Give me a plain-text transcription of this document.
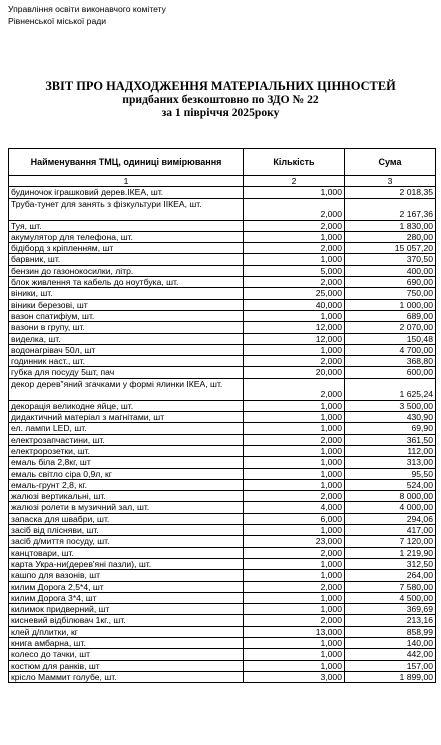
Управління освіти виконавчого комітету
Рівненської міської ради
ЗВІТ ПРО НАДХОДЖЕННЯ МАТЕРІАЛЬНИХ ЦІННОСТЕЙ
придбаних безкоштовно по ЗДО № 22
за 1 півріччя 2025року
Найменування ТМЦ, одиниці вимірювання	Кількість	Сума
1	2	3
будиночок іграшковий дерев.ІКЕА, шт.	1,000	2 018,35
Труба-тунет для занять з фізкультури ІІКЕА, шт.	2,000	2 167,36
Туя, шт.	2,000	1 830,00
акумулятор для телефона, шт.	1,000	280,00
бідіборд з кріпленням, шт	2,000	15 057,20
барвник, шт.	1,000	370,50
бензин до газонокосилки, літр.	5,000	400,00
блок живлення та кабель до ноутбука, шт.	2,000	690,00
віники, шт.	25,000	750,00
віники березові, шт	40,000	1 000,00
вазон спатифіум, шт.	1,000	689,00
вазони в групу, шт.	12,000	2 070,00
виделка, шт.	12,000	150,48
водонагрівач 50л, шт	1,000	4 700,00
годинник наст., шт.	2,000	368,80
губка для посуду 5шт, пач	20,000	600,00
декор дерев"яний згачками у формі ялинки ІКЕА, шт.	2,000	1 625,24
декорація великодне яйце, шт.	1,000	3 500,00
дидактичний матеріал з магнітами, шт	1,000	430,90
ел. лампи LED, шт.	1,000	69,90
електрозапчастини, шт.	2,000	361,50
електророзетки, шт.	1,000	112,00
емаль біла 2,8кг, шт	1,000	313,00
емаль світло сіра 0,9л, кг	1,000	95,50
емаль-грунт 2,8, кг.	1,000	524,00
жалюзі вертикальні, шт.	2,000	8 000,00
жалюзі ролети в музичний зал, шт.	4,000	4 000,00
запаска для швабри, шт.	6,000	294,06
засіб від плісняви, шт.	1,000	417,00
засіб д/миття посуду, шт.	23,000	7 120,00
канцтовари, шт.	2,000	1 219,90
карта Укра-ни(дерев'яні пазли), шт.	1,000	312,50
кашпо для вазонів, шт	1,000	264,00
килим Дорога 2,5*4, шт	2,000	7 580,00
килим Дорога 3*4, шт	1,000	4 500,00
килимок придверний, шт	1,000	369,69
кисневий відбілювач 1кг., шт.	2,000	213,16
клей д/плитки, кг	13,000	858,99
книга амбарна, шт.	1,000	140,00
колесо до тачки, шт	1,000	442,00
костюм для ранків, шт	1,000	157,00
крісло Маммит голубе, шт.	3,000	1 899,00
